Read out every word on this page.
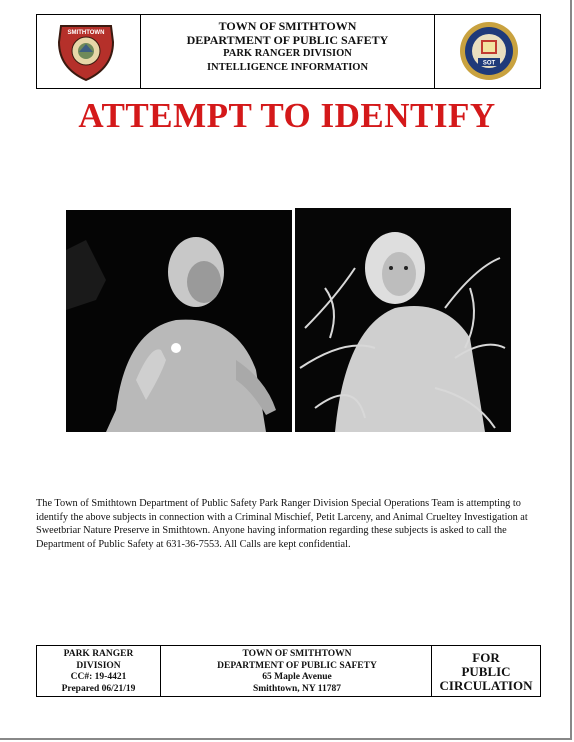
SMITHTOWN	TOWN OF SMITHTOWN
DEPARTMENT OF PUBLIC SAFETY
PARK RANGER DIVISION
INTELLIGENCE INFORMATION	SOT
ATTEMPT TO IDENTIFY
The Town of Smithtown Department of Public Safety Park Ranger Division Special Operations Team is attempting to identify the above subjects in connection with a Criminal Mischief, Petit Larceny, and Animal Crueltey Investigation at Sweetbriar Nature Preserve in Smithtown. Anyone having information regarding these subjects is asked to call the Department of Public Safety at 631-36-7553. All Calls are kept confidential.
PARK RANGER
DIVISION
CC#: 19-4421
Prepared 06/21/19
TOWN OF SMITHTOWN
DEPARTMENT OF PUBLIC SAFETY
65 Maple Avenue
Smithtown, NY 11787
FOR
PUBLIC
CIRCULATION
